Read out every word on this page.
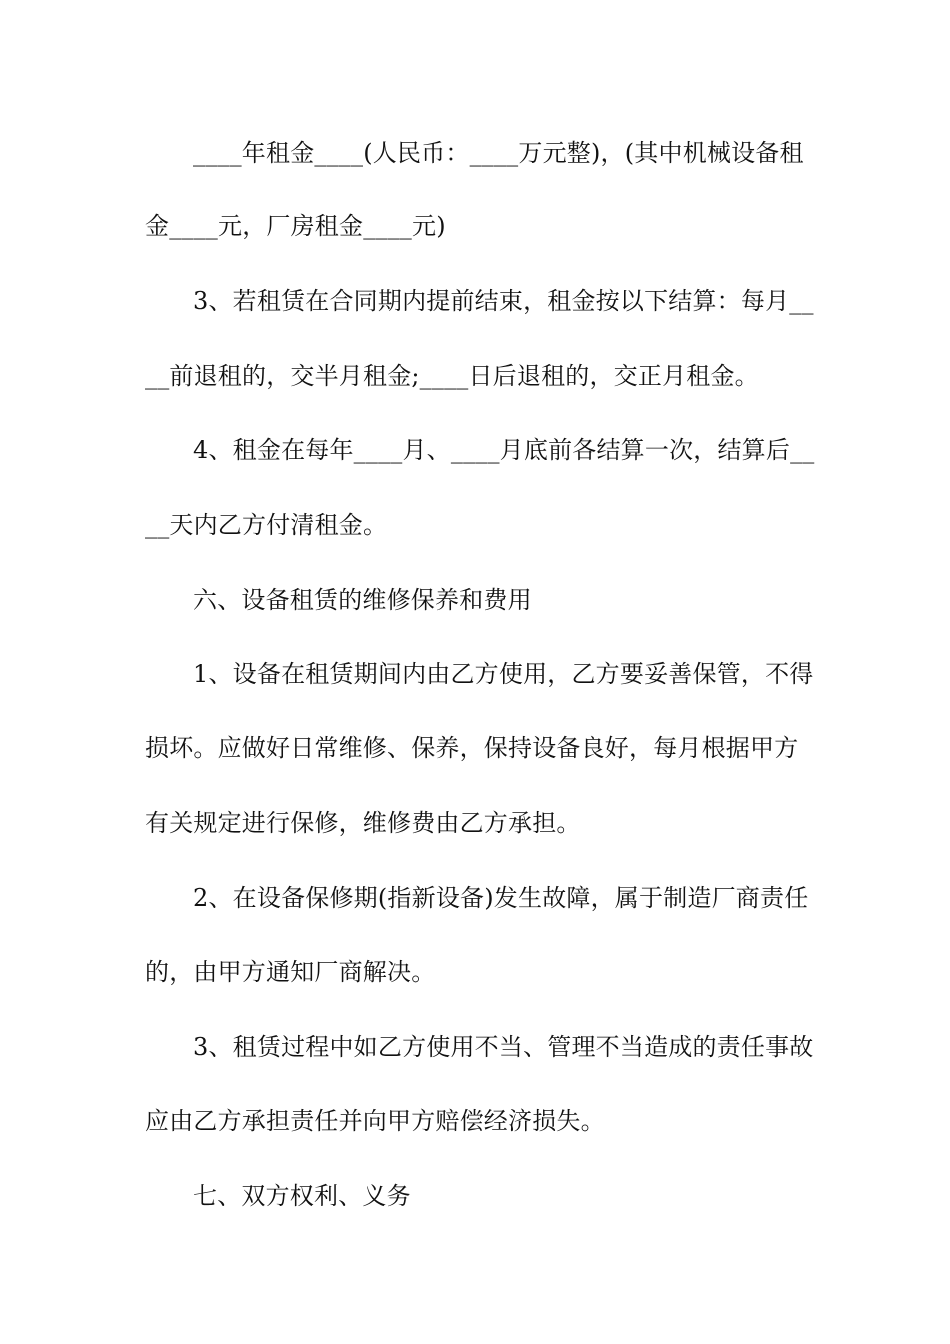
____年租金____(人民币：____万元整)，(其中机械设备租
金____元，厂房租金____元)
3、若租赁在合同期内提前结束，租金按以下结算：每月__
__前退租的，交半月租金;____日后退租的，交正月租金。
4、租金在每年____月、____月底前各结算一次，结算后__
__天内乙方付清租金。
六、设备租赁的维修保养和费用
1、设备在租赁期间内由乙方使用，乙方要妥善保管，不得
损坏。应做好日常维修、保养，保持设备良好，每月根据甲方
有关规定进行保修，维修费由乙方承担。
2、在设备保修期(指新设备)发生故障，属于制造厂商责任
的，由甲方通知厂商解决。
3、租赁过程中如乙方使用不当、管理不当造成的责任事故
应由乙方承担责任并向甲方赔偿经济损失。
七、双方权利、义务
